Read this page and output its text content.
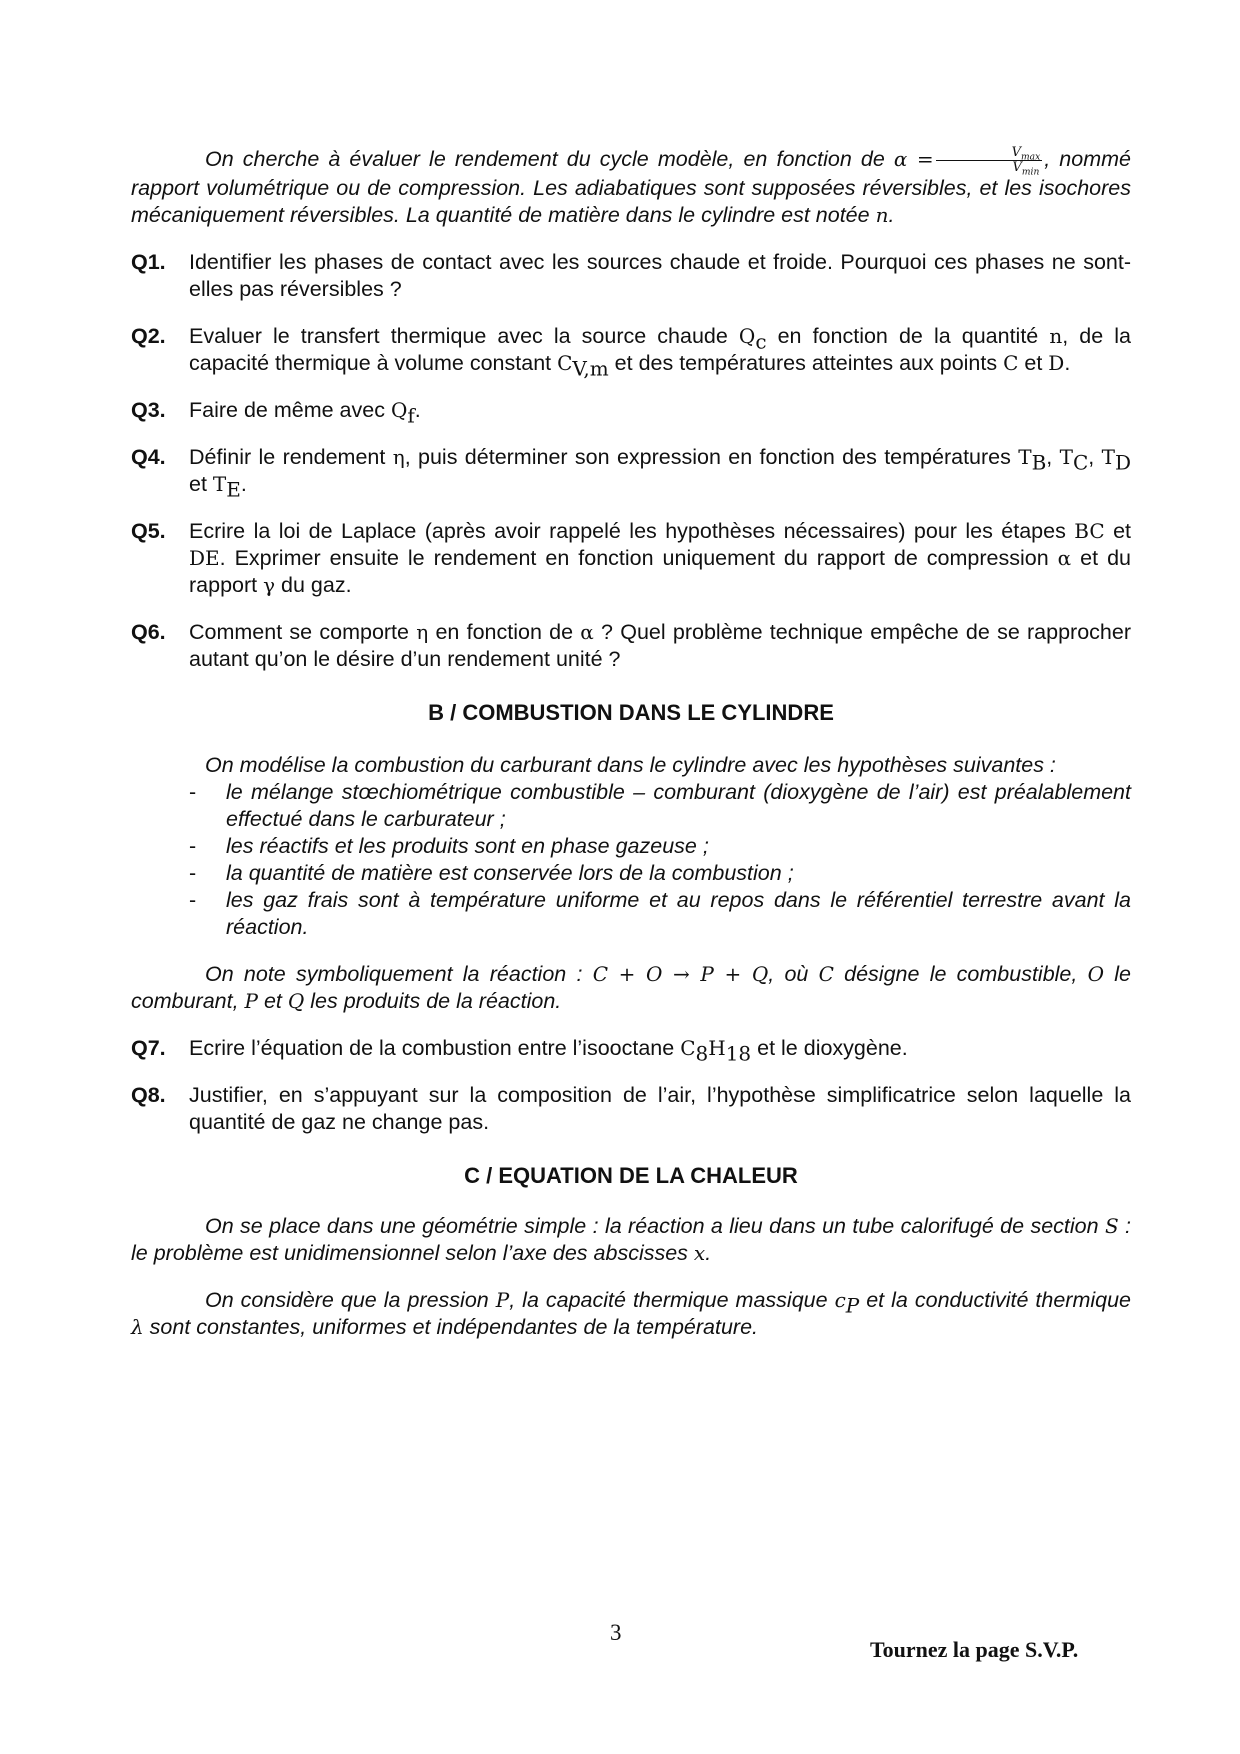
On cherche à évaluer le rendement du cycle modèle, en fonction de $\alpha = \frac{V_{max}}{V_{min}}$ , nommé rapport volumétrique ou de compression. Les adiabatiques sont supposées réversibles, et les isochores mécaniquement réversibles. La quantité de matière dans le cylindre est notée n.

Q1. Identifier les phases de contact avec les sources chaude et froide. Pourquoi ces phases ne sont-elles pas réversibles ?
Q2. Evaluer le transfert thermique avec la source chaude $Q_c$ en fonction de la quantité n, de la capacité thermique à volume constant $C_{V,m}$ et des températures atteintes aux points C et D.
Q3. Faire de même avec $Q_f$.
Q4. Définir le rendement η, puis déterminer son expression en fonction des températures $T_B$, $T_C$, $T_D$ et $T_E$.
Q5. Ecrire la loi de Laplace (après avoir rappelé les hypothèses nécessaires) pour les étapes BC et DE. Exprimer ensuite le rendement en fonction uniquement du rapport de compression α et du rapport γ du gaz.
Q6. Comment se comporte η en fonction de α ? Quel problème technique empêche de se rapprocher autant qu’on le désire d’un rendement unité ?

B / COMBUSTION DANS LE CYLINDRE

On modélise la combustion du carburant dans le cylindre avec les hypothèses suivantes :

- le mélange stœchiométrique combustible – comburant (dioxygène de l’air) est préalablement effectué dans le carburateur ;
- les réactifs et les produits sont en phase gazeuse ;
- la quantité de matière est conservée lors de la combustion ;
- les gaz frais sont à température uniforme et au repos dans le référentiel terrestre avant la réaction.

On note symboliquement la réaction : C + O → P + Q, où C désigne le combustible, O le comburant, P et Q les produits de la réaction.

Q7. Ecrire l’équation de la combustion entre l’isooctane $C_8H_{18}$ et le dioxygène.
Q8. Justifier, en s’appuyant sur la composition de l’air, l’hypothèse simplificatrice selon laquelle la quantité de gaz ne change pas.

C / EQUATION DE LA CHALEUR

On se place dans une géométrie simple : la réaction a lieu dans un tube calorifugé de section S : le problème est unidimensionnel selon l’axe des abscisses x.

On considère que la pression P, la capacité thermique massique $c_P$ et la conductivité thermique λ sont constantes, uniformes et indépendantes de la température.

3
Tournez la page S.V.P.
